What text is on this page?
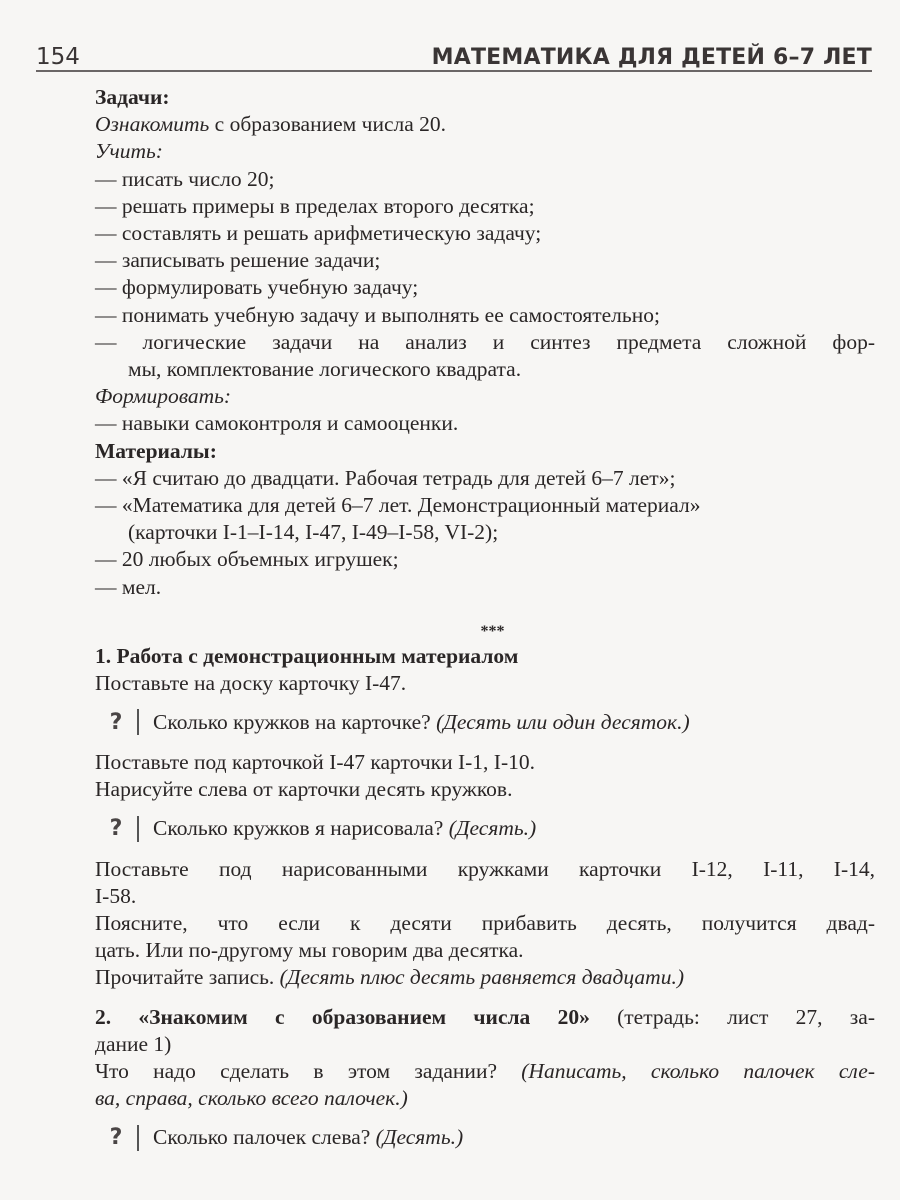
154	МАТЕМАТИКА ДЛЯ ДЕТЕЙ 6–7 ЛЕТ
Задачи:
Ознакомить с образованием числа 20.
Учить:
— писать число 20;
— решать примеры в пределах второго десятка;
— составлять и решать арифметическую задачу;
— записывать решение задачи;
— формулировать учебную задачу;
— понимать учебную задачу и выполнять ее самостоятельно;
— логические задачи на анализ и синтез предмета сложной фор-
мы, комплектование логического квадрата.
Формировать:
— навыки самоконтроля и самооценки.
Материалы:
— «Я считаю до двадцати. Рабочая тетрадь для детей 6–7 лет»;
— «Математика для детей 6–7 лет. Демонстрационный материал»
(карточки I-1–I-14, I-47, I-49–I-58, VI-2);
— 20 любых объемных игрушек;
— мел.
***
1. Работа с демонстрационным материалом
Поставьте на доску карточку I-47.
? Сколько кружков на карточке? (Десять или один десяток.)
Поставьте под карточкой I-47 карточки I-1, I-10.
Нарисуйте слева от карточки десять кружков.
? Сколько кружков я нарисовала? (Десять.)
Поставьте под нарисованными кружками карточки I-12, I-11, I-14,
I-58.
Поясните, что если к десяти прибавить десять, получится двад-
цать. Или по-другому мы говорим два десятка.
Прочитайте запись. (Десять плюс десять равняется двадцати.)
2. «Знакомим с образованием числа 20» (тетрадь: лист 27, за-
дание 1)
Что надо сделать в этом задании? (Написать, сколько палочек сле-
ва, справа, сколько всего палочек.)
? Сколько палочек слева? (Десять.)
